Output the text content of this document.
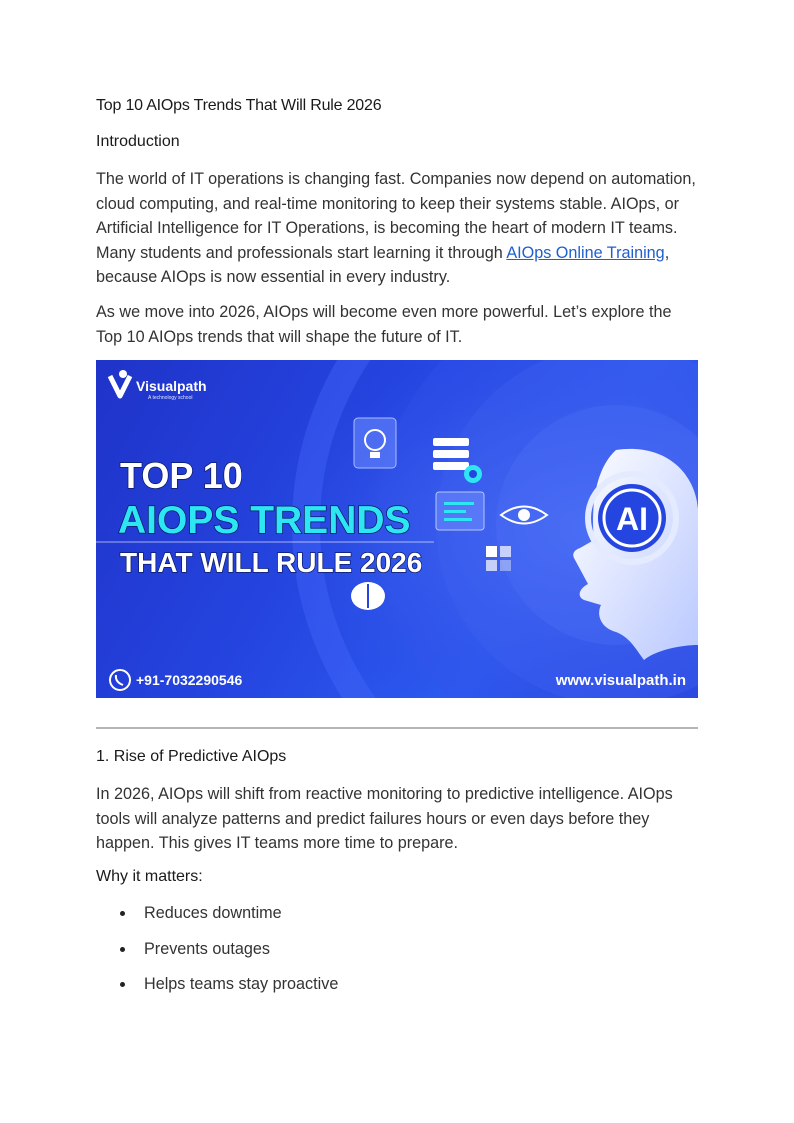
Top 10 AIOps Trends That Will Rule 2026
Introduction
The world of IT operations is changing fast. Companies now depend on automation, cloud computing, and real-time monitoring to keep their systems stable. AIOps, or Artificial Intelligence for IT Operations, is becoming the heart of modern IT teams. Many students and professionals start learning it through AIOps Online Training, because AIOps is now essential in every industry.
As we move into 2026, AIOps will become even more powerful. Let’s explore the Top 10 AIOps trends that will shape the future of IT.
Visualpath
A technology school
AI
TOP 10
AIOPS TRENDS
THAT WILL RULE 2026
+91-7032290546	www.visualpath.in
1. Rise of Predictive AIOps
In 2026, AIOps will shift from reactive monitoring to predictive intelligence. AIOps tools will analyze patterns and predict failures hours or even days before they happen. This gives IT teams more time to prepare.
Why it matters:
Reduces downtime
Prevents outages
Helps teams stay proactive
